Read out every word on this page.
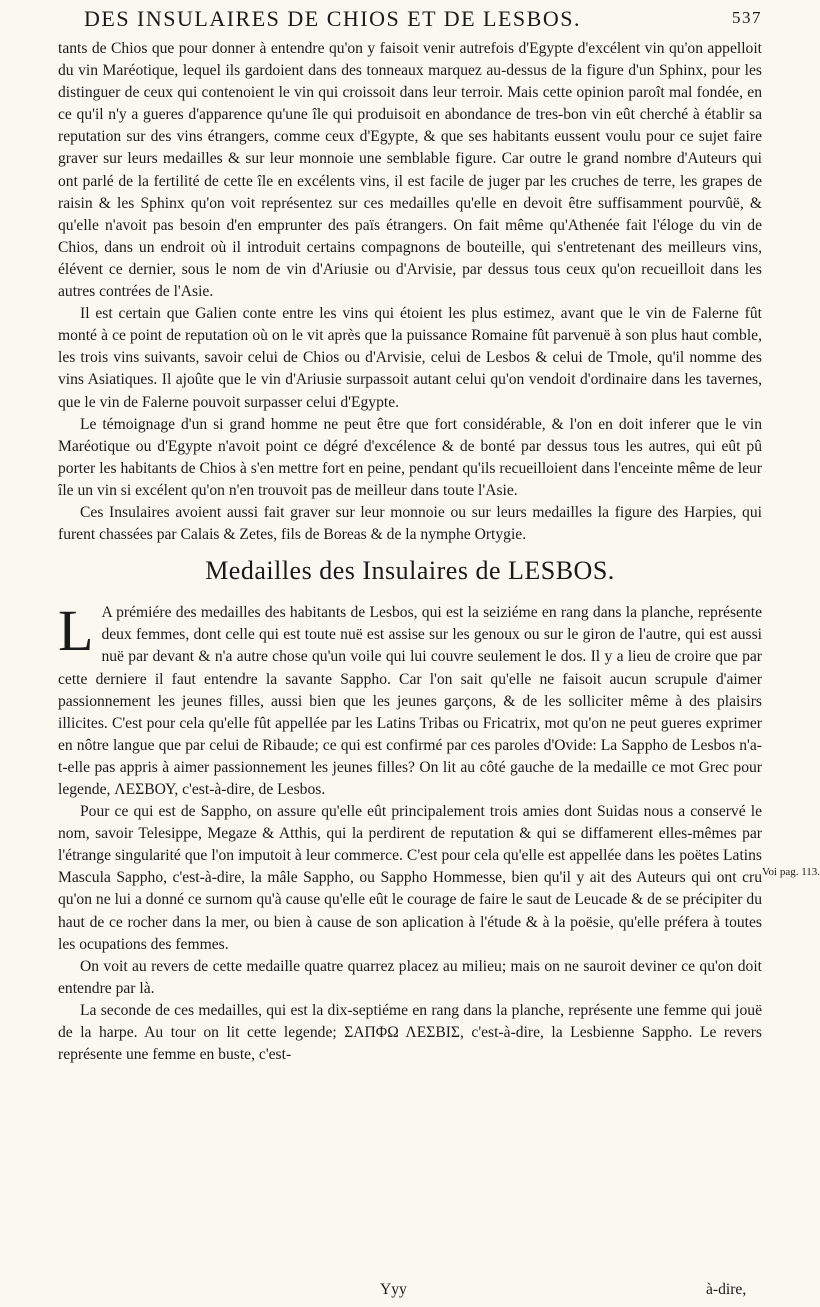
DES INSULAIRES DE CHIOS ET DE LESBOS.	537
Voi pag. 113.

tants de Chios que pour donner à entendre qu'on y faisoit venir autrefois d'Egypte d'excélent vin qu'on appelloit du vin Maréotique, lequel ils gardoient dans des tonneaux marquez au-dessus de la figure d'un Sphinx, pour les distinguer de ceux qui contenoient le vin qui croissoit dans leur terroir. Mais cette opinion paroît mal fondée, en ce qu'il n'y a gueres d'apparence qu'une île qui produisoit en abondance de tres-bon vin eût cherché à établir sa reputation sur des vins étrangers, comme ceux d'Egypte, & que ses habitants eussent voulu pour ce sujet faire graver sur leurs medailles & sur leur monnoie une semblable figure. Car outre le grand nombre d'Auteurs qui ont parlé de la fertilité de cette île en excélents vins, il est facile de juger par les cruches de terre, les grapes de raisin & les Sphinx qu'on voit représentez sur ces medailles qu'elle en devoit être suffisamment pourvûë, & qu'elle n'avoit pas besoin d'en emprunter des païs étrangers. On fait même qu'Athenée fait l'éloge du vin de Chios, dans un endroit où il introduit certains compagnons de bouteille, qui s'entretenant des meilleurs vins, élévent ce dernier, sous le nom de vin d'Ariusie ou d'Arvisie, par dessus tous ceux qu'on recueilloit dans les autres contrées de l'Asie.

Il est certain que Galien conte entre les vins qui étoient les plus estimez, avant que le vin de Falerne fût monté à ce point de reputation où on le vit après que la puissance Romaine fût parvenuë à son plus haut comble, les trois vins suivants, savoir celui de Chios ou d'Arvisie, celui de Lesbos & celui de Tmole, qu'il nomme des vins Asiatiques. Il ajoûte que le vin d'Ariusie surpassoit autant celui qu'on vendoit d'ordinaire dans les tavernes, que le vin de Falerne pouvoit surpasser celui d'Egypte.

Le témoignage d'un si grand homme ne peut être que fort considérable, & l'on en doit inferer que le vin Maréotique ou d'Egypte n'avoit point ce dégré d'excélence & de bonté par dessus tous les autres, qui eût pû porter les habitants de Chios à s'en mettre fort en peine, pendant qu'ils recueilloient dans l'enceinte même de leur île un vin si excélent qu'on n'en trouvoit pas de meilleur dans toute l'Asie.

Ces Insulaires avoient aussi fait graver sur leur monnoie ou sur leurs medailles la figure des Harpies, qui furent chassées par Calais & Zetes, fils de Boreas & de la nymphe Ortygie.

Medailles des Insulaires de LESBOS.

L A prémiére des medailles des habitants de Lesbos, qui est la seiziéme en rang dans la planche, représente deux femmes, dont celle qui est toute nuë est assise sur les genoux ou sur le giron de l'autre, qui est aussi nuë par devant & n'a autre chose qu'un voile qui lui couvre seulement le dos. Il y a lieu de croire que par cette derniere il faut entendre la savante Sappho. Car l'on sait qu'elle ne faisoit aucun scrupule d'aimer passionnement les jeunes filles, aussi bien que les jeunes garçons, & de les solliciter même à des plaisirs illicites. C'est pour cela qu'elle fût appellée par les Latins Tribas ou Fricatrix, mot qu'on ne peut gueres exprimer en nôtre langue que par celui de Ribaude; ce qui est confirmé par ces paroles d'Ovide: La Sappho de Lesbos n'a-t-elle pas appris à aimer passionnement les jeunes filles? On lit au côté gauche de la medaille ce mot Grec pour legende, ΛΕΣΒΟΥ, c'est-à-dire, de Lesbos.

Pour ce qui est de Sappho, on assure qu'elle eût principalement trois amies dont Suidas nous a conservé le nom, savoir Telesippe, Megaze & Atthis, qui la perdirent de reputation & qui se diffamerent elles-mêmes par l'étrange singularité que l'on imputoit à leur commerce. C'est pour cela qu'elle est appellée dans les poëtes Latins Mascula Sappho, c'est-à-dire, la mâle Sappho, ou Sappho Hommesse, bien qu'il y ait des Auteurs qui ont cru qu'on ne lui a donné ce surnom qu'à cause qu'elle eût le courage de faire le saut de Leucade & de se précipiter du haut de ce rocher dans la mer, ou bien à cause de son aplication à l'étude & à la poësie, qu'elle préfera à toutes les ocupations des femmes.

On voit au revers de cette medaille quatre quarrez placez au milieu; mais on ne sauroit deviner ce qu'on doit entendre par là.

La seconde de ces medailles, qui est la dix-septiéme en rang dans la planche, représente une femme qui jouë de la harpe. Au tour on lit cette legende; ΣΑΠΦΩ ΛΕΣΒΙΣ, c'est-à-dire, la Lesbienne Sappho. Le revers représente une femme en buste, c'est-

Yyy	à-dire,
